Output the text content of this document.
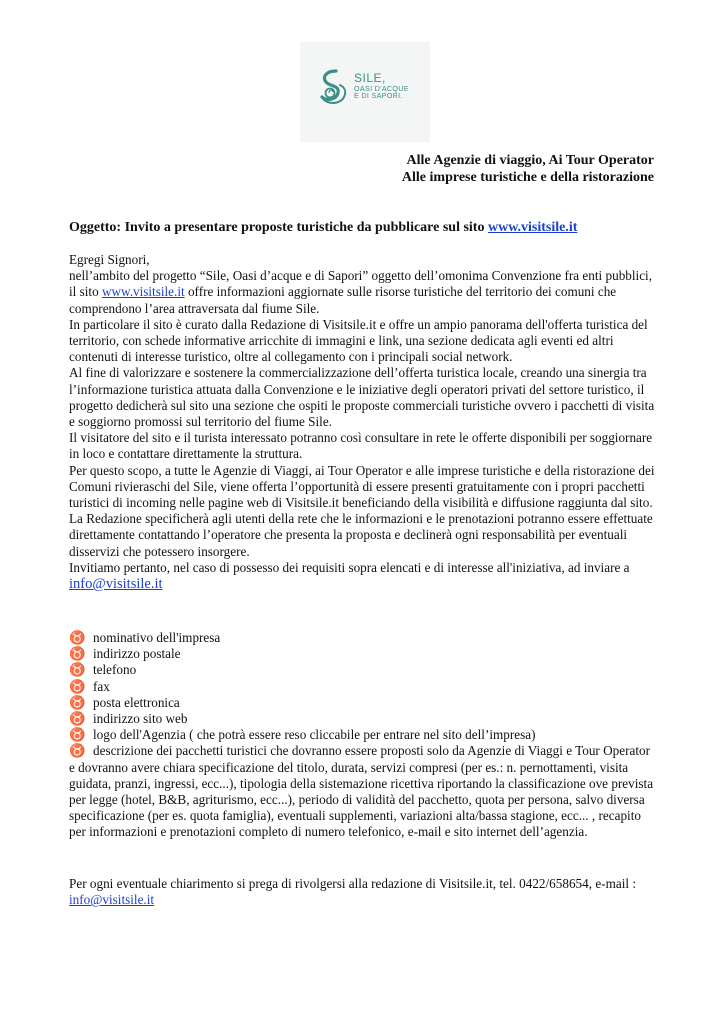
SILE,
OASI D'ACQUE
E DI SAPORI.
Alle Agenzie di viaggio, Ai Tour Operator
Alle imprese turistiche e della ristorazione
Oggetto: Invito a presentare proposte turistiche da pubblicare sul sito www.visitsile.it

Egregi Signori,

nell’ambito del progetto “Sile, Oasi d’acque e di Sapori” oggetto dell’omonima Convenzione fra enti pubblici, il sito www.visitsile.it offre informazioni aggiornate sulle risorse turistiche del territorio dei comuni che comprendono l’area attraversata dal fiume Sile.

In particolare il sito è curato dalla Redazione di Visitsile.it e offre un ampio panorama dell'offerta turistica del territorio, con schede informative arricchite di immagini e link, una sezione dedicata agli eventi ed altri contenuti di interesse turistico, oltre al collegamento con i principali social network.

Al fine di valorizzare e sostenere la commercializzazione dell’offerta turistica locale, creando una sinergia tra l’informazione turistica attuata dalla Convenzione e le iniziative degli operatori privati del settore turistico, il progetto dedicherà sul sito una sezione che ospiti le proposte commerciali turistiche ovvero i pacchetti di visita e soggiorno promossi sul territorio del fiume Sile.

Il visitatore del sito e il turista interessato potranno così consultare in rete le offerte disponibili per soggiornare in loco e contattare direttamente la struttura.

Per questo scopo, a tutte le Agenzie di Viaggi, ai Tour Operator e alle imprese turistiche e della ristorazione dei Comuni rivieraschi del Sile, viene offerta l’opportunità di essere presenti gratuitamente con i propri pacchetti turistici di incoming nelle pagine web di Visitsile.it beneficiando della visibilità e diffusione raggiunta dal sito.

La Redazione specificherà agli utenti della rete che le informazioni e le prenotazioni potranno essere effettuate direttamente contattando l’operatore che presenta la proposta e declinerà ogni responsabilità per eventuali disservizi che potessero insorgere.

Invitiamo pertanto, nel caso di possesso dei requisiti sopra elencati e di interesse all'iniziativa, ad inviare a info@visitsile.it

♉ nominativo dell'impresa
♉ indirizzo postale
♉ telefono
♉ fax
♉ posta elettronica
♉ indirizzo sito web
♉ logo dell'Agenzia ( che potrà essere reso cliccabile per entrare nel sito dell’impresa)
♉ descrizione dei pacchetti turistici che dovranno essere proposti solo da Agenzie di Viaggi e Tour Operator e dovranno avere chiara specificazione del titolo, durata, servizi compresi (per es.: n. pernottamenti, visita guidata, pranzi, ingressi, ecc...), tipologia della sistemazione ricettiva riportando la classificazione ove prevista per legge (hotel, B&B, agriturismo, ecc...), periodo di validità del pacchetto, quota per persona, salvo diversa specificazione (per es. quota famiglia), eventuali supplementi, variazioni alta/bassa stagione, ecc... , recapito per informazioni e prenotazioni completo di numero telefonico, e-mail e sito internet dell’agenzia.

Per ogni eventuale chiarimento si prega di rivolgersi alla redazione di Visitsile.it, tel. 0422/658654, e-mail : info@visitsile.it
